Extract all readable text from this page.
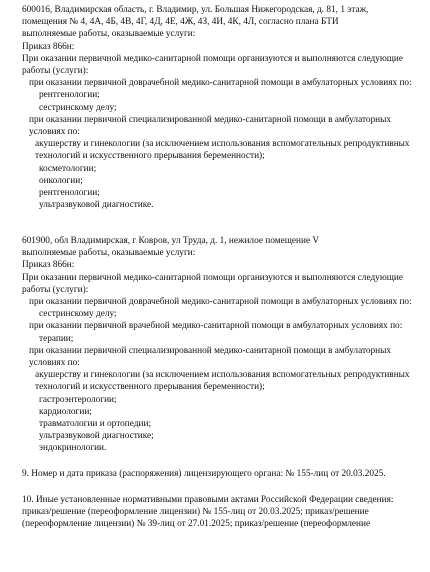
600016, Владимирская область, г. Владимир, ул. Большая Нижегородская, д. 81, 1 этаж, помещения № 4, 4А, 4Б, 4В, 4Г, 4Д, 4Е, 4Ж, 4З, 4И, 4К, 4Л, согласно плана БТИ
выполняемые работы, оказываемые услуги:
Приказ 866н:
При оказании первичной медико-санитарной помощи организуются и выполняются следующие работы (услуги):
при оказании первичной доврачебной медико-санитарной помощи в амбулаторных условиях по:
рентгенологии;
сестринскому делу;
при оказании первичной специализированной медико-санитарной помощи в амбулаторных условиях по:
акушерству и гинекологии (за исключением использования вспомогательных репродуктивных технологий и искусственного прерывания беременности);
косметологии;
онкологии;
рентгенологии;
ультразвуковой диагностике.
601900, обл Владимирская, г Ковров, ул Труда, д. 1, нежилое помещение V
выполняемые работы, оказываемые услуги:
Приказ 866н:
При оказании первичной медико-санитарной помощи организуются и выполняются следующие работы (услуги):
при оказании первичной доврачебной медико-санитарной помощи в амбулаторных условиях по:
сестринскому делу;
при оказании первичной врачебной медико-санитарной помощи в амбулаторных условиях по:
терапии;
при оказании первичной специализированной медико-санитарной помощи в амбулаторных условиях по:
акушерству и гинекологии (за исключением использования вспомогательных репродуктивных технологий и искусственного прерывания беременности);
гастроэнтерологии;
кардиологии;
травматологии и ортопедии;
ультразвуковой диагностике;
эндокринологии.
9. Номер и дата приказа (распоряжения) лицензирующего органа: № 155-лиц от 20.03.2025.
10. Иные установленные нормативными правовыми актами Российской Федерации сведения: приказ/решение (переоформление лицензии) № 155-лиц от 20.03.2025; приказ/решение (переоформление лицензии) № 39-лиц от 27.01.2025; приказ/решение (переоформление
